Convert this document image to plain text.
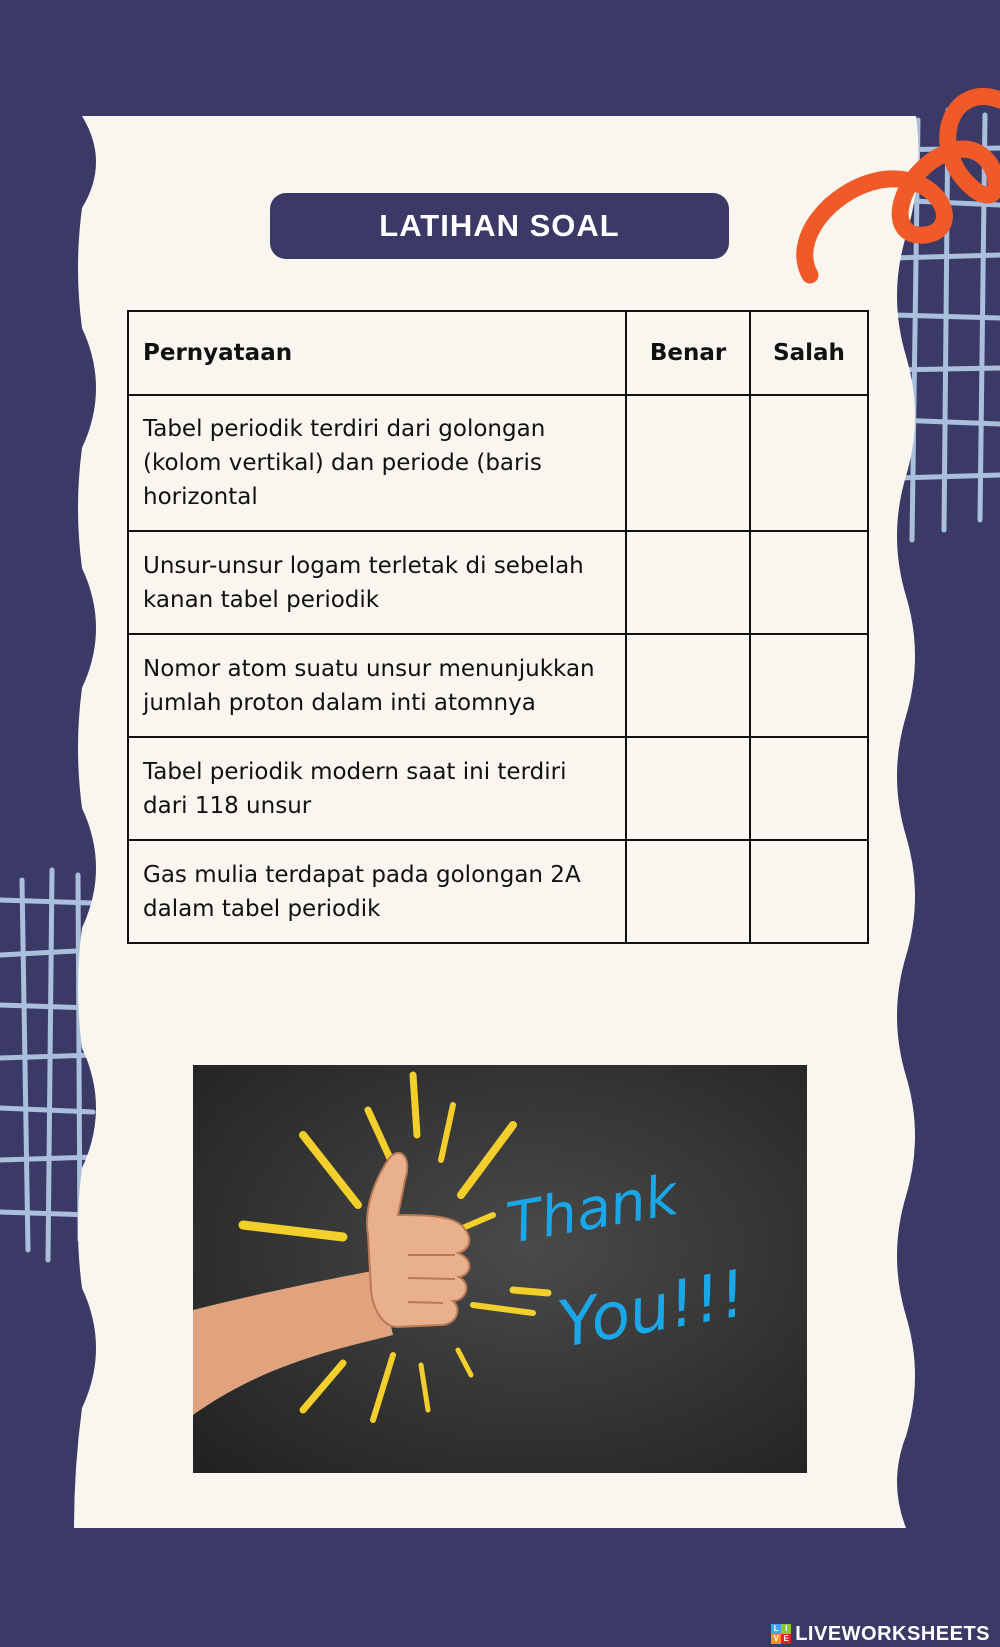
LATIHAN SOAL
Pernyataan	Benar	Salah
Tabel periodik terdiri dari golongan (kolom vertikal) dan periode (baris horizontal		
Unsur-unsur logam terletak di sebelah kanan tabel periodik		
Nomor atom suatu unsur menunjukkan jumlah proton dalam inti atomnya		
Tabel periodik modern saat ini terdiri dari 118 unsur		
Gas mulia terdapat pada golongan 2A dalam tabel periodik		
Thank
You!!!
L I
V E LIVEWORKSHEETS
